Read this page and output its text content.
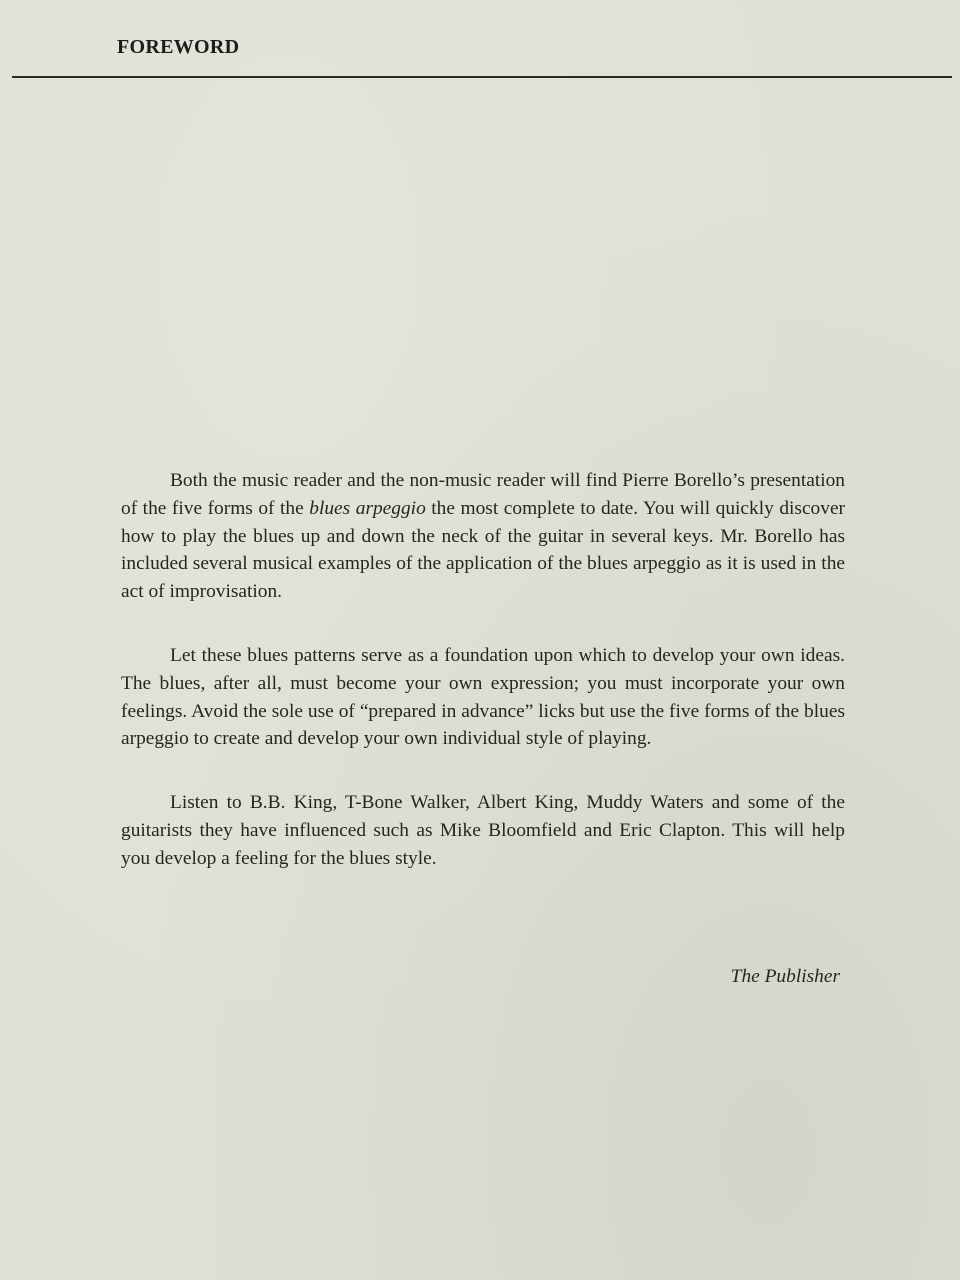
FOREWORD

Both the music reader and the non-music reader will find Pierre Borello’s presentation of the five forms of the blues arpeggio the most complete to date. You will quickly discover how to play the blues up and down the neck of the guitar in several keys. Mr. Borello has included several musical examples of the application of the blues arpeggio as it is used in the act of improvisation.

Let these blues patterns serve as a foundation upon which to develop your own ideas. The blues, after all, must become your own expression; you must incorporate your own feelings. Avoid the sole use of “prepared in advance” licks but use the five forms of the blues arpeggio to create and develop your own individual style of playing.

Listen to B.B. King, T-Bone Walker, Albert King, Muddy Waters and some of the guitarists they have influenced such as Mike Bloomfield and Eric Clapton. This will help you develop a feeling for the blues style.

The Publisher
